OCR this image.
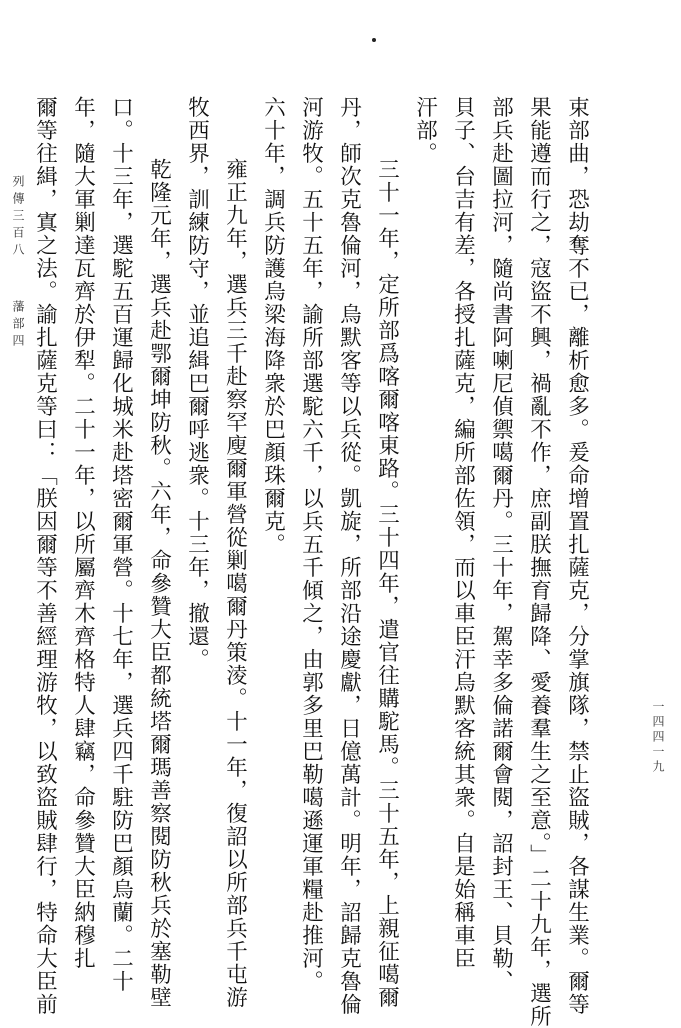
束部曲，恐劫奪不已，離析愈多。爰命增置扎薩克，分掌旗隊，禁止盜賊，各謀生業。爾等
果能遵而行之，寇盜不興，禍亂不作，庶副朕撫育歸降、愛養羣生之至意。」二十九年，選所
部兵赴圖拉河，隨尚書阿喇尼偵禦噶爾丹。三十年，駕幸多倫諾爾會閱，詔封王、貝勒、
貝子、台吉有差，各授扎薩克，編所部佐領，而以車臣汗烏默客統其衆。自是始稱車臣
汗部。
三十一年，定所部爲喀爾喀東路。三十四年，遣官往購駝馬。三十五年，上親征噶爾
丹，師次克魯倫河，烏默客等以兵從。凱旋，所部沿途慶獻，日億萬計。明年，詔歸克魯倫
河游牧。五十五年，諭所部選駝六千，以兵五千傾之，由郭多里巴勒噶遜運軍糧赴推河。
六十年，調兵防護烏梁海降衆於巴顏珠爾克。
雍正九年，選兵三千赴察罕廋爾軍營從剿噶爾丹策淩。十一年，復詔以所部兵千屯游
牧西界，訓練防守，並追緝巴爾呼逃衆。十三年，撤還。
乾隆元年，選兵赴鄂爾坤防秋。六年，命參贊大臣都統塔爾瑪善察閱防秋兵於塞勒壁
口。十三年，選駝五百運歸化城米赴塔密爾軍營。十七年，選兵四千駐防巴顏烏蘭。二十
年，隨大軍剿達瓦齊於伊犁。二十一年，以所屬齊木齊格特人肆竊，命參贊大臣納穆扎
爾等往緝，寘之法。諭扎薩克等曰：「朕因爾等不善經理游牧，以致盜賊肆行，特命大臣前
列傳三百八
藩部四
一四四一九
